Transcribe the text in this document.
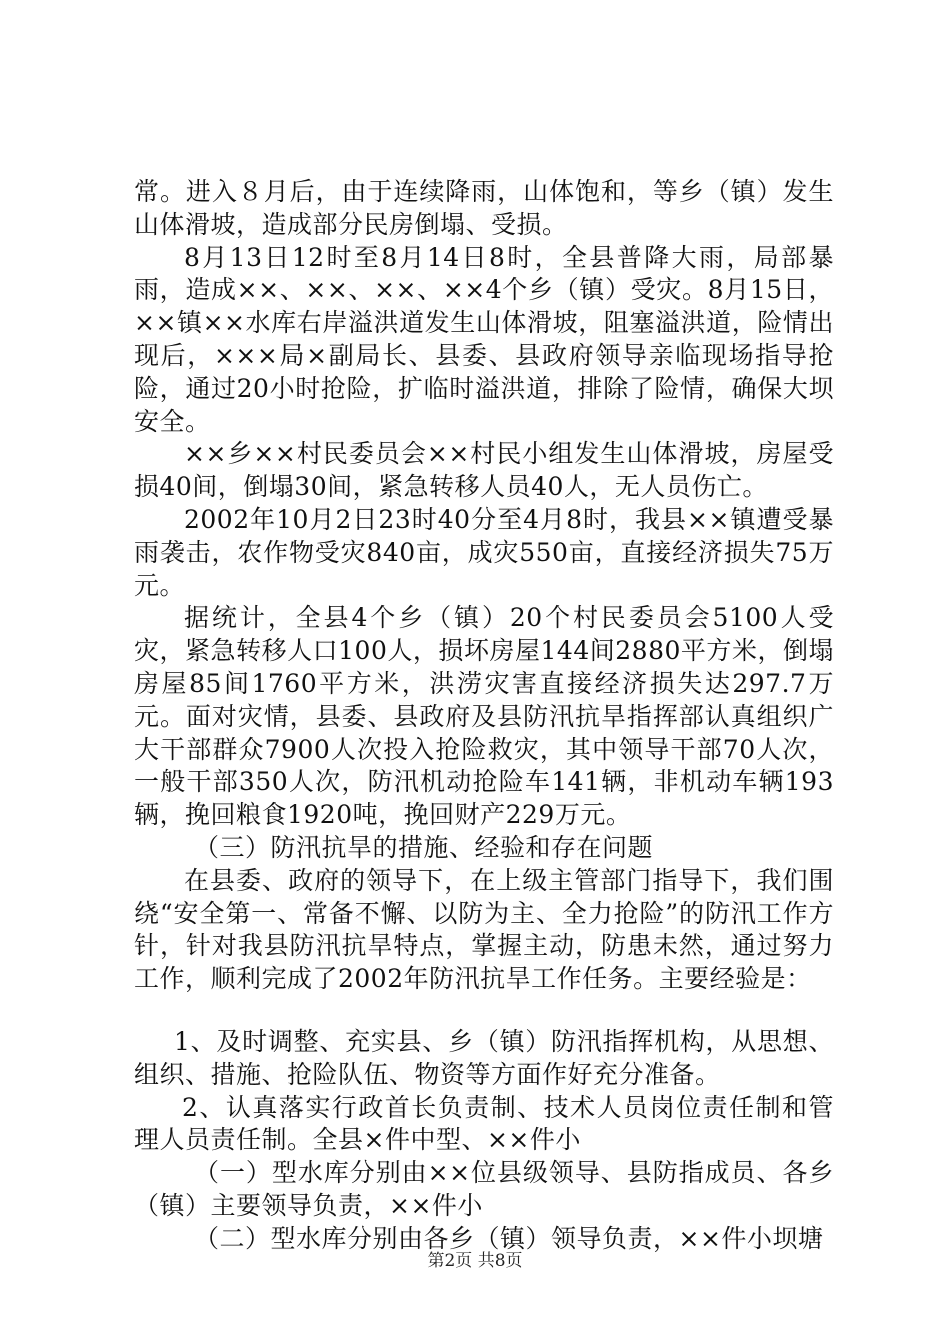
常。进入８月后，由于连续降雨，山体饱和，等乡（镇）发生山体滑坡，造成部分民房倒塌、受损。

8月13日12时至8月14日8时，全县普降大雨，局部暴雨，造成××、××、××、××4个乡（镇）受灾。8月15日，××镇××水库右岸溢洪道发生山体滑坡，阻塞溢洪道，险情出现后，×××局×副局长、县委、县政府领导亲临现场指导抢险，通过20小时抢险，扩临时溢洪道，排除了险情，确保大坝安全。

××乡××村民委员会××村民小组发生山体滑坡，房屋受损40间，倒塌30间，紧急转移人员40人，无人员伤亡。

2002年10月2日23时40分至4月8时，我县××镇遭受暴雨袭击，农作物受灾840亩，成灾550亩，直接经济损失75万元。

据统计，全县4个乡（镇）20个村民委员会5100人受灾，紧急转移人口100人，损坏房屋144间2880平方米，倒塌房屋85间1760平方米，洪涝灾害直接经济损失达297.7万元。面对灾情，县委、县政府及县防汛抗旱指挥部认真组织广大干部群众7900人次投入抢险救灾，其中领导干部70人次，一般干部350人次，防汛机动抢险车141辆，非机动车辆193辆，挽回粮食1920吨，挽回财产229万元。

（三）防汛抗旱的措施、经验和存在问题

在县委、政府的领导下，在上级主管部门指导下，我们围绕“安全第一、常备不懈、以防为主、全力抢险”的防汛工作方针，针对我县防汛抗旱特点，掌握主动，防患未然，通过努力工作，顺利完成了2002年防汛抗旱工作任务。主要经验是：

1、及时调整、充实县、乡（镇）防汛指挥机构，从思想、组织、措施、抢险队伍、物资等方面作好充分准备。

2、认真落实行政首长负责制、技术人员岗位责任制和管理人员责任制。全县×件中型、××件小

（一）型水库分别由××位县级领导、县防指成员、各乡（镇）主要领导负责，××件小

（二）型水库分别由各乡（镇）领导负责，××件小坝塘

第2页 共8页
